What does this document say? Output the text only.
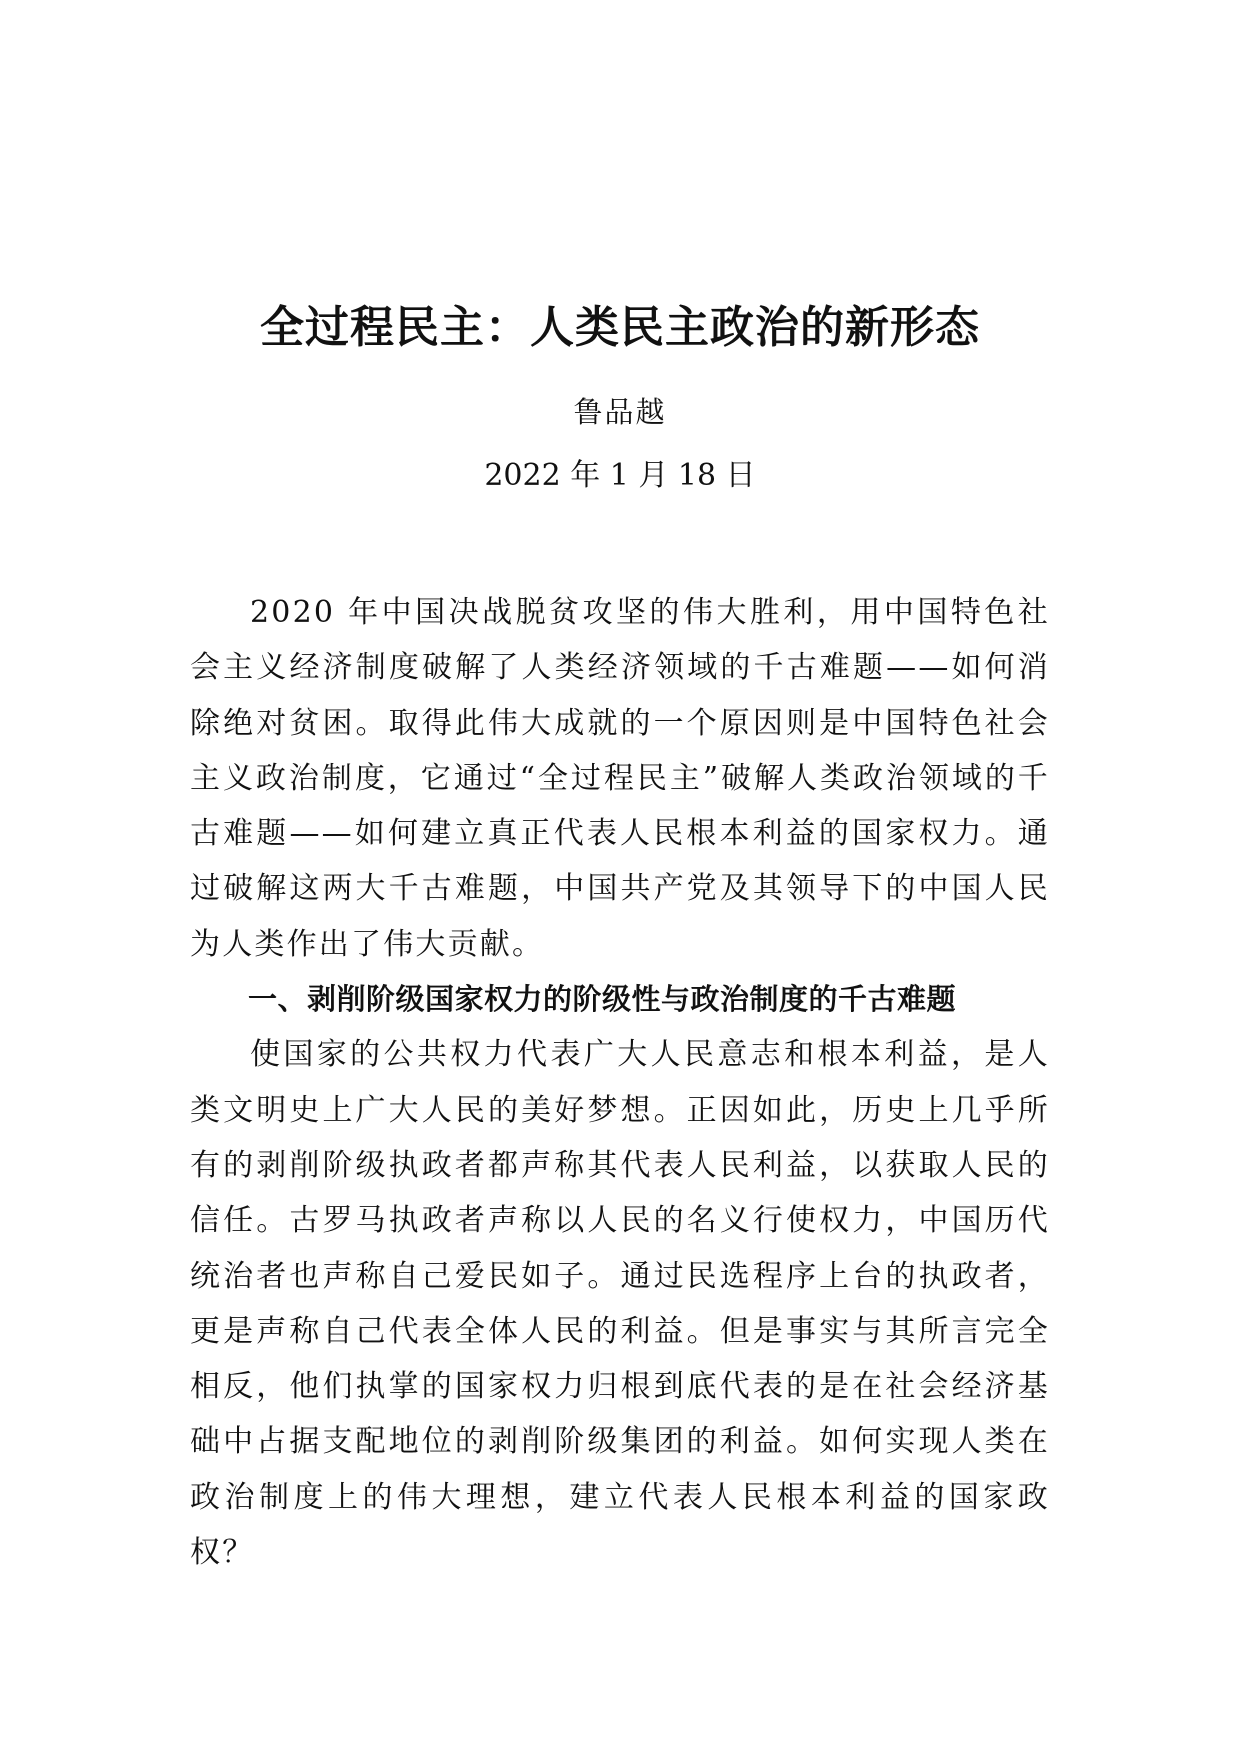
全过程民主：人类民主政治的新形态
鲁品越
2022 年 1 月 18 日

2020 年中国决战脱贫攻坚的伟大胜利，用中国特色社会主义经济制度破解了人类经济领域的千古难题——如何消除绝对贫困。取得此伟大成就的一个原因则是中国特色社会主义政治制度，它通过“全过程民主”破解人类政治领域的千古难题——如何建立真正代表人民根本利益的国家权力。通过破解这两大千古难题，中国共产党及其领导下的中国人民为人类作出了伟大贡献。

一、剥削阶级国家权力的阶级性与政治制度的千古难题

使国家的公共权力代表广大人民意志和根本利益，是人类文明史上广大人民的美好梦想。正因如此，历史上几乎所有的剥削阶级执政者都声称其代表人民利益，以获取人民的信任。古罗马执政者声称以人民的名义行使权力，中国历代统治者也声称自己爱民如子。通过民选程序上台的执政者，更是声称自己代表全体人民的利益。但是事实与其所言完全相反，他们执掌的国家权力归根到底代表的是在社会经济基础中占据支配地位的剥削阶级集团的利益。如何实现人类在政治制度上的伟大理想，建立代表人民根本利益的国家政权？
